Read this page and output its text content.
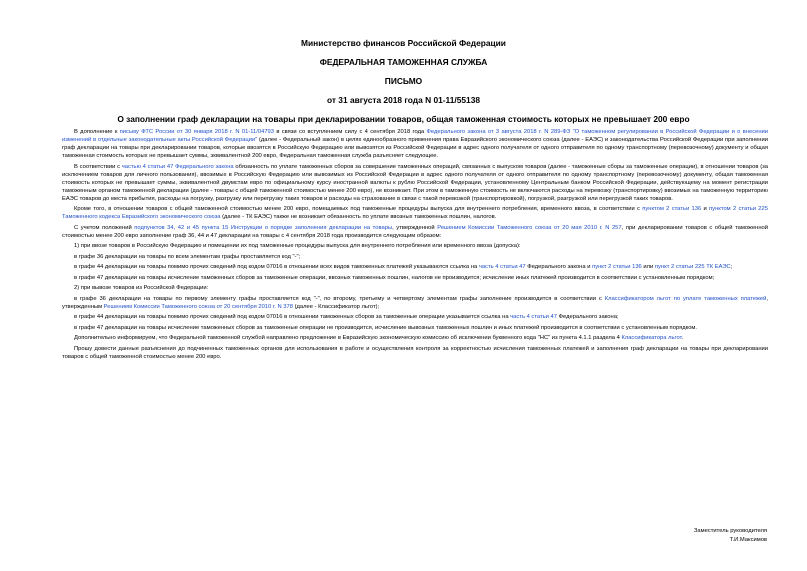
Министерство финансов Российской Федерации
ФЕДЕРАЛЬНАЯ ТАМОЖЕННАЯ СЛУЖБА
ПИСЬМО
от 31 августа 2018 года N 01-11/55138
О заполнении граф декларации на товары при декларировании товаров, общая таможенная стоимость которых не превышает 200 евро

В дополнение к письму ФТС России от 30 января 2018 г. N 01-11/04793 в связи со вступлением силу с 4 сентября 2018 года Федерального закона от 3 августа 2018 г. N 289-ФЗ "О таможенном регулировании в Российской Федерации и о внесении изменений в отдельные законодательные акты Российской Федерации" (далее - Федеральный закон) в целях единообразного применения права Евразийского экономического союза (далее - ЕАЭС) и законодательства Российской Федерации при заполнении граф декларации на товары при декларировании товаров, которые ввозятся в Российскую Федерацию или вывозятся из Российской Федерации в адрес одного получателя от одного отправителя по одному транспортному (перевозочному) документу и общая таможенная стоимость которых не превышает суммы, эквивалентной 200 евро, Федеральная таможенная служба разъясняет следующее.

В соответствии с частью 4 статьи 47 Федерального закона обязанность по уплате таможенных сборов за совершение таможенных операций, связанных с выпуском товаров (далее - таможенные сборы за таможенные операции), в отношении товаров (за исключением товаров для личного пользования), ввозимых в Российскую Федерацию или вывозимых из Российской Федерации в адрес одного получателя от одного отправителя по одному транспортному (перевозочному) документу, общая таможенная стоимость которых не превышает суммы, эквивалентной двумстам евро по официальному курсу иностранной валюты к рублю Российской Федерации, установленному Центральным банком Российской Федерации, действующему на момент регистрации таможенным органом таможенной декларации (далее - товары с общей таможенной стоимостью менее 200 евро), не возникает. При этом в таможенную стоимость не включаются расходы на перевозку (транспортировку) ввозимых на таможенную территорию ЕАЭС товаров до места прибытия, расходы на погрузку, разгрузку или перегрузку таких товаров и расходы на страхование в связи с такой перевозкой (транспортировкой), погрузкой, разгрузкой или перегрузкой таких товаров.

Кроме того, в отношении товаров с общей таможенной стоимостью менее 200 евро, помещаемых под таможенные процедуры выпуска для внутреннего потребления, временного ввоза, в соответствии с пунктом 2 статьи 136 и пунктом 2 статьи 225 Таможенного кодекса Евразийского экономического союза (далее - ТК ЕАЭС) также не возникает обязанность по уплате ввозных таможенных пошлин, налогов.

С учетом положений подпунктов 34, 42 и 45 пункта 15 Инструкции о порядке заполнения декларации на товары, утвержденной Решением Комиссии Таможенного союза от 20 мая 2010 г. N 257, при декларировании товаров с общей таможенной стоимостью менее 200 евро заполнение граф 36, 44 и 47 декларации на товары с 4 сентября 2018 года производится следующим образом:

1) при ввозе товаров в Российскую Федерацию и помещении их под таможенные процедуры выпуска для внутреннего потребления или временного ввоза (допуска):

в графе 36 декларации на товары по всем элементам графы проставляется код "-";

в графе 44 декларации на товары помимо прочих сведений под кодом 07016 в отношении всех видов таможенных платежей указываются ссылка на часть 4 статьи 47 Федерального закона и пункт 2 статьи 136 или пункт 2 статьи 225 ТК ЕАЭС;

в графе 47 декларации на товары исчисление таможенных сборов за таможенные операции, ввозных таможенных пошлин, налогов не производится; исчисление иных платежей производится в соответствии с установленным порядком;

2) при вывозе товаров из Российской Федерации:

в графе 36 декларации на товары по первому элементу графы проставляется код "-", по второму, третьему и четвертому элементам графы заполнение производится в соответствии с Классификатором льгот по уплате таможенных платежей, утвержденным Решением Комиссии Таможенного союза от 20 сентября 2010 г. N 378 (далее - Классификатор льгот);

в графе 44 декларации на товары помимо прочих сведений под кодом 07016 в отношении таможенных сборов за таможенные операции указывается ссылка на часть 4 статьи 47 Федерального закона;

в графе 47 декларации на товары исчисление таможенных сборов за таможенные операции не производится, исчисление вывозных таможенных пошлин и иных платежей производится в соответствии с установленным порядком.

Дополнительно информируем, что Федеральной таможенной службой направлено предложение в Евразийскую экономическую комиссию об исключении буквенного кода "НС" из пункта 4.1.1 раздела 4 Классификатора льгот.

Прошу довести данные разъяснения до подчиненных таможенных органов для использования в работе и осуществления контроля за корректностью исчисления таможенных платежей и заполнения граф декларации на товары при декларировании товаров с общей таможенной стоимостью менее 200 евро.

Заместитель руководителя
Т.И.Максимов
